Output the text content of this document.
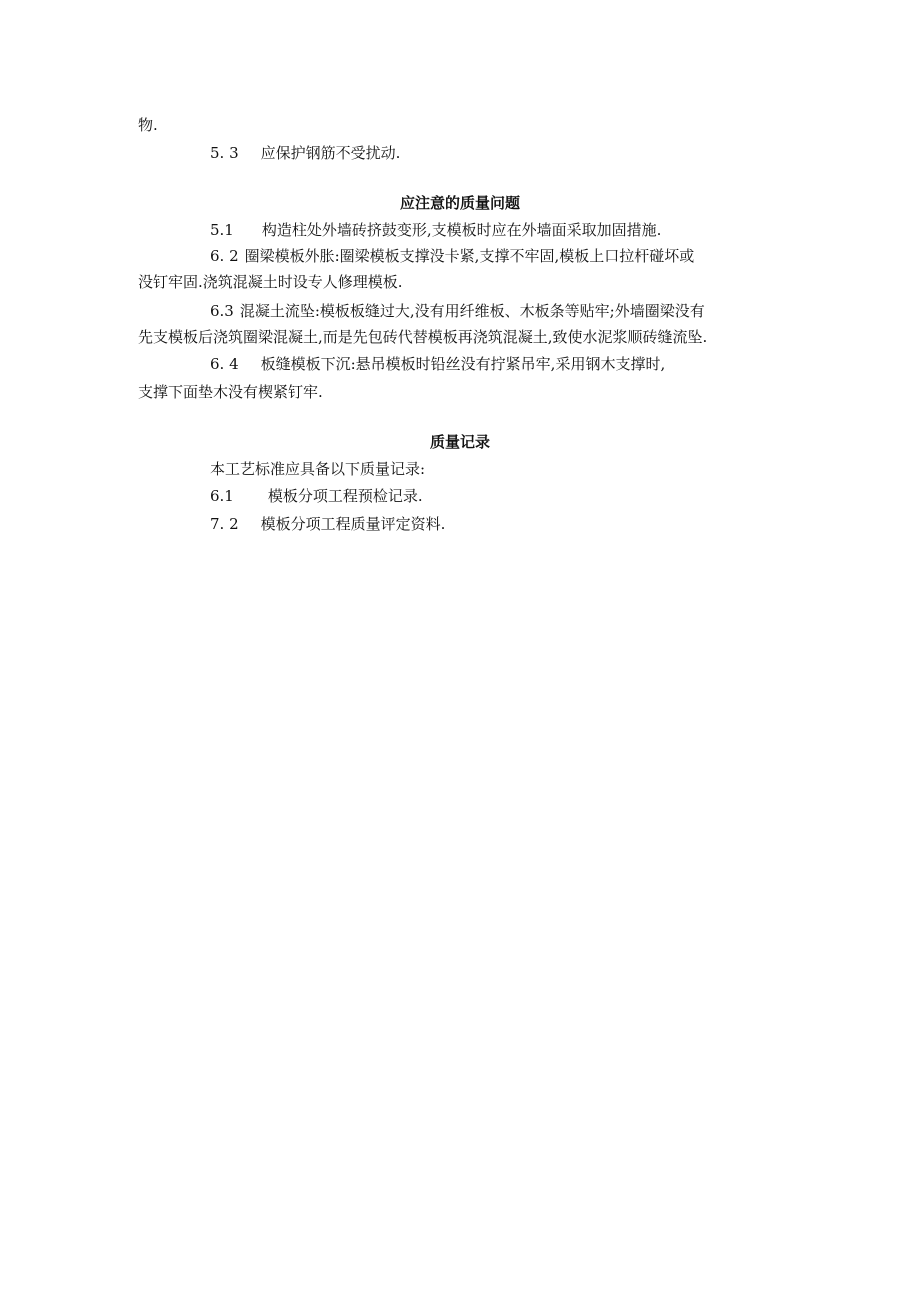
物.
5. 3 应保护钢筋不受扰动.
应注意的质量问题
5.1 构造柱处外墙砖挤鼓变形,支模板时应在外墙面采取加固措施.
6. 2 圈梁模板外胀:圈梁模板支撑没卡紧,支撑不牢固,模板上口拉杆碰坏或
没钉牢固.浇筑混凝土时设专人修理模板.
6.3 混凝土流坠:模板板缝过大,没有用纤维板、木板条等贴牢;外墙圈梁没有
先支模板后浇筑圈梁混凝土,而是先包砖代替模板再浇筑混凝土,致使水泥浆顺砖缝流坠.
6. 4 板缝模板下沉:悬吊模板时铅丝没有拧紧吊牢,采用钢木支撑时,
支撑下面垫木没有楔紧钉牢.
质量记录
本工艺标准应具备以下质量记录:
6.1 模板分项工程预检记录.
7. 2 模板分项工程质量评定资料.
